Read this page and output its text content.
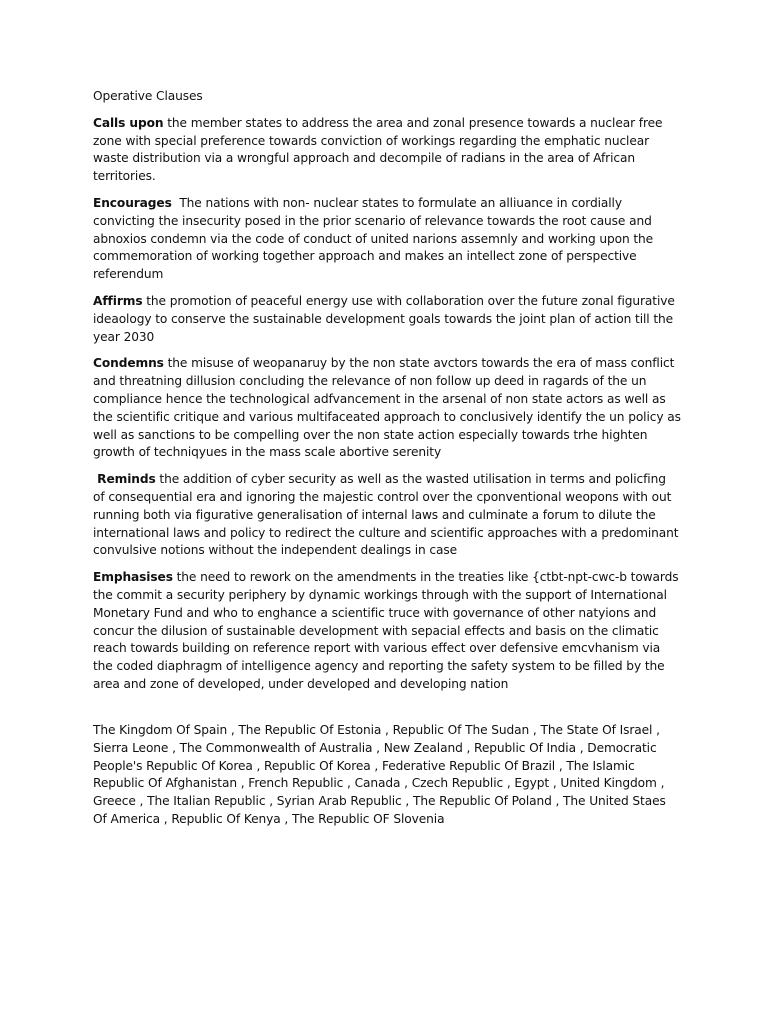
Operative Clauses

Calls upon the member states to address the area and zonal presence towards a nuclear free zone with special preference towards conviction of workings regarding the emphatic nuclear waste distribution via a wrongful approach and decompile of radians in the area of African territories.

Encourages  The nations with non- nuclear states to formulate an alliuance in cordially convicting the insecurity posed in the prior scenario of relevance towards the root cause and abnoxios condemn via the code of conduct of united narions assemnly and working upon the commemoration of working together approach and makes an intellect zone of perspective referendum

Affirms the promotion of peaceful energy use with collaboration over the future zonal figurative ideaology to conserve the sustainable development goals towards the joint plan of action till the year 2030

Condemns the misuse of weopanaruy by the non state avctors towards the era of mass conflict and threatning dillusion concluding the relevance of non follow up deed in ragards of the un compliance hence the technological adfvancement in the arsenal of non state actors as well as the scientific critique and various multifaceated approach to conclusively identify the un policy as well as sanctions to be compelling over the non state action especially towards trhe highten growth of techniqyues in the mass scale abortive serenity

Reminds the addition of cyber security as well as the wasted utilisation in terms and policfing of consequential era and ignoring the majestic control over the cponventional weopons with out running both via figurative generalisation of internal laws and culminate a forum to dilute the international laws and policy to redirect the culture and scientific approaches with a predominant convulsive notions without the independent dealings in case

Emphasises the need to rework on the amendments in the treaties like {ctbt-npt-cwc-b towards the commit a security periphery by dynamic workings through with the support of International Monetary Fund and who to enghance a scientific truce with governance of other natyions and concur the dilusion of sustainable development with sepacial effects and basis on the climatic reach towards building on reference report with various effect over defensive emcvhanism via the coded diaphragm of intelligence agency and reporting the safety system to be filled by the area and zone of developed, under developed and developing nation

The Kingdom Of Spain , The Republic Of Estonia , Republic Of The Sudan , The State Of Israel , Sierra Leone , The Commonwealth of Australia , New Zealand , Republic Of India , Democratic People's Republic Of Korea , Republic Of Korea , Federative Republic Of Brazil , The Islamic Republic Of Afghanistan , French Republic , Canada , Czech Republic , Egypt , United Kingdom , Greece , The Italian Republic , Syrian Arab Republic , The Republic Of Poland , The United Staes Of America , Republic Of Kenya , The Republic OF Slovenia
